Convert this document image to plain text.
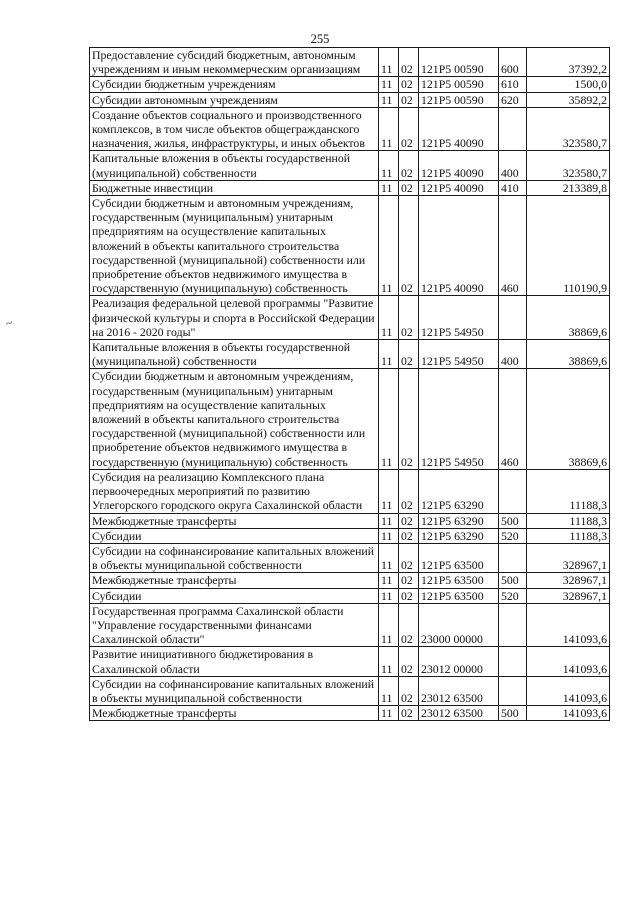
255
~
Предоставление субсидий бюджетным, автономным учреждениям и иным некоммерческим организациям	11	02	121P5 00590	600	37392,2
Субсидии бюджетным учреждениям	11	02	121P5 00590	610	1500,0
Субсидии автономным учреждениям	11	02	121P5 00590	620	35892,2
Создание объектов социального и производственного комплексов, в том числе объектов общегражданского назначения, жилья, инфраструктуры, и иных объектов	11	02	121P5 40090		323580,7
Капитальные вложения в объекты государственной (муниципальной) собственности	11	02	121P5 40090	400	323580,7
Бюджетные инвестиции	11	02	121P5 40090	410	213389,8
Субсидии бюджетным и автономным учреждениям, государственным (муниципальным) унитарным предприятиям на осуществление капитальных вложений в объекты капитального строительства государственной (муниципальной) собственности или приобретение объектов недвижимого имущества в государственную (муниципальную) собственность	11	02	121P5 40090	460	110190,9
Реализация федеральной целевой программы "Развитие физической культуры и спорта в Российской Федерации на 2016 - 2020 годы"	11	02	121P5 54950		38869,6
Капитальные вложения в объекты государственной (муниципальной) собственности	11	02	121P5 54950	400	38869,6
Субсидии бюджетным и автономным учреждениям, государственным (муниципальным) унитарным предприятиям на осуществление капитальных вложений в объекты капитального строительства государственной (муниципальной) собственности или приобретение объектов недвижимого имущества в государственную (муниципальную) собственность	11	02	121P5 54950	460	38869,6
Субсидия на реализацию Комплексного плана первоочередных мероприятий по развитию Углегорского городского округа Сахалинской области	11	02	121P5 63290		11188,3
Межбюджетные трансферты	11	02	121P5 63290	500	11188,3
Субсидии	11	02	121P5 63290	520	11188,3
Субсидии на софинансирование капитальных вложений в объекты муниципальной собственности	11	02	121P5 63500		328967,1
Межбюджетные трансферты	11	02	121P5 63500	500	328967,1
Субсидии	11	02	121P5 63500	520	328967,1
Государственная программа Сахалинской области "Управление государственными финансами Сахалинской области"	11	02	23000 00000		141093,6
Развитие инициативного бюджетирования в Сахалинской области	11	02	23012 00000		141093,6
Субсидии на софинансирование капитальных вложений в объекты муниципальной собственности	11	02	23012 63500		141093,6
Межбюджетные трансферты	11	02	23012 63500	500	141093,6
